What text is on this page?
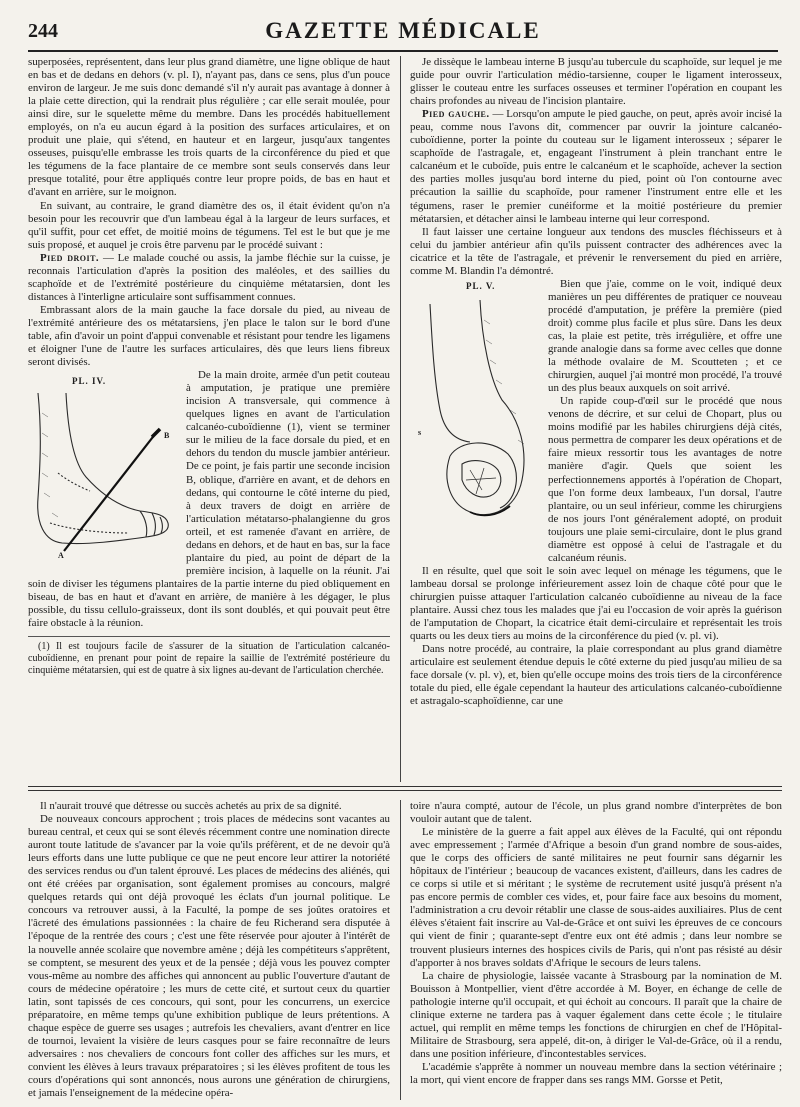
244	GAZETTE MÉDICALE

superposées, représentent, dans leur plus grand diamètre, une ligne oblique de haut en bas et de dedans en dehors (v. pl. I), n'ayant pas, dans ce sens, plus d'un pouce environ de largeur. Je me suis donc demandé s'il n'y aurait pas avantage à donner à la plaie cette direction, qui la rendrait plus régulière ; car elle serait moulée, pour ainsi dire, sur le squelette même du membre. Dans les procédés habituellement employés, on n'a eu aucun égard à la position des surfaces articulaires, et on produit une plaie, qui s'étend, en hauteur et en largeur, jusqu'aux tangentes osseuses, puisqu'elle embrasse les trois quarts de la circonférence du pied et que les tégumens de la face plantaire de ce membre sont seuls conservés dans leur presque totalité, pour être appliqués contre leur propre poids, de bas en haut et d'avant en arrière, sur le moignon.

En suivant, au contraire, le grand diamètre des os, il était évident qu'on n'a besoin pour les recouvrir que d'un lambeau égal à la largeur de leurs surfaces, et qu'il suffit, pour cet effet, de moitié moins de tégumens. Tel est le but que je me suis proposé, et auquel je crois être parvenu par le procédé suivant :

Pied droit. — Le malade couché ou assis, la jambe fléchie sur la cuisse, je reconnais l'articulation d'après la position des maléoles, et des saillies du scaphoïde et de l'extrémité postérieure du cinquième métatarsien, dont les distances à l'interligne articulaire sont suffisamment connues.

Embrassant alors de la main gauche la face dorsale du pied, au niveau de l'extrémité antérieure des os métatarsiens, j'en place le talon sur le bord d'une table, afin d'avoir un point d'appui convenable et résistant pour tendre les ligamens et éloigner l'une de l'autre les surfaces articulaires, dès que leurs liens fibreux seront divisés.

PL. IV.
B
A

De la main droite, armée d'un petit couteau à amputation, je pratique une première incision A transversale, qui commence à quelques lignes en avant de l'articulation calcanéo-cuboïdienne (1), vient se terminer sur le milieu de la face dorsale du pied, et en dehors du tendon du muscle jambier antérieur. De ce point, je fais partir une seconde incision B, oblique, d'arrière en avant, et de dehors en dedans, qui contourne le côté interne du pied, à deux travers de doigt en arrière de l'articulation métatarso-phalangienne du gros orteil, et est ramenée d'avant en arrière, de dedans en dehors, et de haut en bas, sur la face plantaire du pied, au point de départ de la première incision, à laquelle on la réunit. J'ai soin de diviser les tégumens plantaires de la partie interne du pied obliquement en biseau, de bas en haut et d'avant en arrière, de manière à les dégager, le plus possible, du tissu cellulo-graisseux, dont ils sont doublés, et qui pouvait peut être faire obstacle à la réunion.

(1) Il est toujours facile de s'assurer de la situation de l'articulation calcanéo-cuboïdienne, en prenant pour point de repaire la saillie de l'extrémité postérieure du cinquième métatarsien, qui est de quatre à six lignes au-devant de l'articulation cherchée.

Je dissèque le lambeau interne B jusqu'au tubercule du scaphoïde, sur lequel je me guide pour ouvrir l'articulation médio-tarsienne, couper le ligament interosseux, glisser le couteau entre les surfaces osseuses et terminer l'opération en coupant les chairs profondes au niveau de l'incision plantaire.

Pied gauche. — Lorsqu'on ampute le pied gauche, on peut, après avoir incisé la peau, comme nous l'avons dit, commencer par ouvrir la jointure calcanéo-cuboïdienne, porter la pointe du couteau sur le ligament interosseux ; séparer le scaphoïde de l'astragale, et, engageant l'instrument à plein tranchant entre le calcanéum et le cuboïde, puis entre le calcanéum et le scaphoïde, achever la section des parties molles jusqu'au bord interne du pied, point où l'on contourne avec précaution la saillie du scaphoïde, pour ramener l'instrument entre elle et les tégumens, raser le premier cunéiforme et la moitié postérieure du premier métatarsien, et détacher ainsi le lambeau interne qui leur correspond.

Il faut laisser une certaine longueur aux tendons des muscles fléchisseurs et à celui du jambier antérieur afin qu'ils puissent contracter des adhérences avec la cicatrice et la tête de l'astragale, et prévenir le renversement du pied en arrière, comme M. Blandin l'a démontré.

PL. V.
s

Bien que j'aie, comme on le voit, indiqué deux manières un peu différentes de pratiquer ce nouveau procédé d'amputation, je préfère la première (pied droit) comme plus facile et plus sûre. Dans les deux cas, la plaie est petite, très irrégulière, et offre une grande analogie dans sa forme avec celles que donne la méthode ovalaire de M. Scoutteten ; et ce chirurgien, auquel j'ai montré mon procédé, l'a trouvé un des plus beaux auxquels on soit arrivé.

Un rapide coup-d'œil sur le procédé que nous venons de décrire, et sur celui de Chopart, plus ou moins modifié par les habiles chirurgiens déjà cités, nous permettra de comparer les deux opérations et de faire mieux ressortir tous les avantages de notre manière d'agir. Quels que soient les perfectionnemens apportés à l'opération de Chopart, que l'on forme deux lambeaux, l'un dorsal, l'autre plantaire, ou un seul inférieur, comme les chirurgiens de nos jours l'ont généralement adopté, on produit toujours une plaie semi-circulaire, dont le plus grand diamètre est opposé à celui de l'astragale et du calcanéum réunis.

Il en résulte, quel que soit le soin avec lequel on ménage les tégumens, que le lambeau dorsal se prolonge inférieurement assez loin de chaque côté pour que le chirurgien puisse attaquer l'articulation calcanéo cuboïdienne au niveau de la face plantaire. Aussi chez tous les malades que j'ai eu l'occasion de voir après la guérison de l'amputation de Chopart, la cicatrice était demi-circulaire et représentait les trois quarts ou les deux tiers au moins de la circonférence du pied (v. pl. vi).

Dans notre procédé, au contraire, la plaie correspondant au plus grand diamètre articulaire est seulement étendue depuis le côté externe du pied jusqu'au milieu de sa face dorsale (v. pl. v), et, bien qu'elle occupe moins des trois tiers de la circonférence totale du pied, elle égale cependant la hauteur des articulations calcanéo-cuboïdienne et astragalo-scaphoïdienne, car une

Il n'aurait trouvé que détresse ou succès achetés au prix de sa dignité.

De nouveaux concours approchent ; trois places de médecins sont vacantes au bureau central, et ceux qui se sont élevés récemment contre une nomination directe auront toute latitude de s'avancer par la voie qu'ils préfèrent, et de ne devoir qu'à leurs efforts dans une lutte publique ce que ne peut encore leur attirer la notoriété des services rendus ou d'un talent éprouvé. Les places de médecins des aliénés, qui ont été créées par organisation, sont également promises au concours, malgré quelques retards qui ont déjà provoqué les éclats d'un journal politique. Le concours va retrouver aussi, à la Faculté, la pompe de ses joûtes oratoires et l'âcreté des émulations passionnées : la chaire de feu Richerand sera disputée à l'époque de la rentrée des cours ; c'est une fête réservée pour ajouter à l'intérêt de la nouvelle année scolaire que novembre amène ; déjà les compétiteurs s'apprêtent, se comptent, se mesurent des yeux et de la pensée ; déjà vous les pouvez compter vous-même au nombre des affiches qui annoncent au public l'ouverture d'autant de cours de médecine opératoire ; les murs de cette cité, et surtout ceux du quartier latin, sont tapissés de ces concours, qui sont, pour les concurrens, un exercice préparatoire, en même temps qu'une exhibition publique de leurs prétentions. A chaque espèce de guerre ses usages ; autrefois les chevaliers, avant d'entrer en lice de tournoi, levaient la visière de leurs casques pour se faire reconnaître de leurs adversaires : nos chevaliers de concours font coller des affiches sur les murs, et convient les élèves à leurs travaux préparatoires ; si les élèves profitent de tous les cours d'opérations qui sont annoncés, nous aurons une génération de chirurgiens, et jamais l'enseignement de la médecine opéra-

toire n'aura compté, autour de l'école, un plus grand nombre d'interprètes de bon vouloir autant que de talent.

Le ministère de la guerre a fait appel aux élèves de la Faculté, qui ont répondu avec empressement ; l'armée d'Afrique a besoin d'un grand nombre de sous-aides, que le corps des officiers de santé militaires ne peut fournir sans dégarnir les hôpitaux de l'intérieur ; beaucoup de vacances existent, d'ailleurs, dans les cadres de ce corps si utile et si méritant ; le système de recrutement usité jusqu'à présent n'a pas encore permis de combler ces vides, et, pour faire face aux besoins du moment, l'administration a cru devoir rétablir une classe de sous-aides auxiliaires. Plus de cent élèves s'étaient fait inscrire au Val-de-Grâce et ont suivi les épreuves de ce concours qui vient de finir ; quarante-sept d'entre eux ont été admis ; dans leur nombre se trouvent plusieurs internes des hospices civils de Paris, qui n'ont pas résisté au désir d'apporter à nos braves soldats d'Afrique le secours de leurs talens.

La chaire de physiologie, laissée vacante à Strasbourg par la nomination de M. Bouisson à Montpellier, vient d'être accordée à M. Boyer, en échange de celle de pathologie interne qu'il occupait, et qui échoit au concours. Il paraît que la chaire de clinique externe ne tardera pas à vaquer également dans cette école ; le titulaire actuel, qui remplit en même temps les fonctions de chirurgien en chef de l'Hôpital-Militaire de Strasbourg, sera appelé, dit-on, à diriger le Val-de-Grâce, où il a rendu, dans une position inférieure, d'incontestables services.

L'académie s'apprête à nommer un nouveau membre dans la section vétérinaire ; la mort, qui vient encore de frapper dans ses rangs MM. Gorsse et Petit,
